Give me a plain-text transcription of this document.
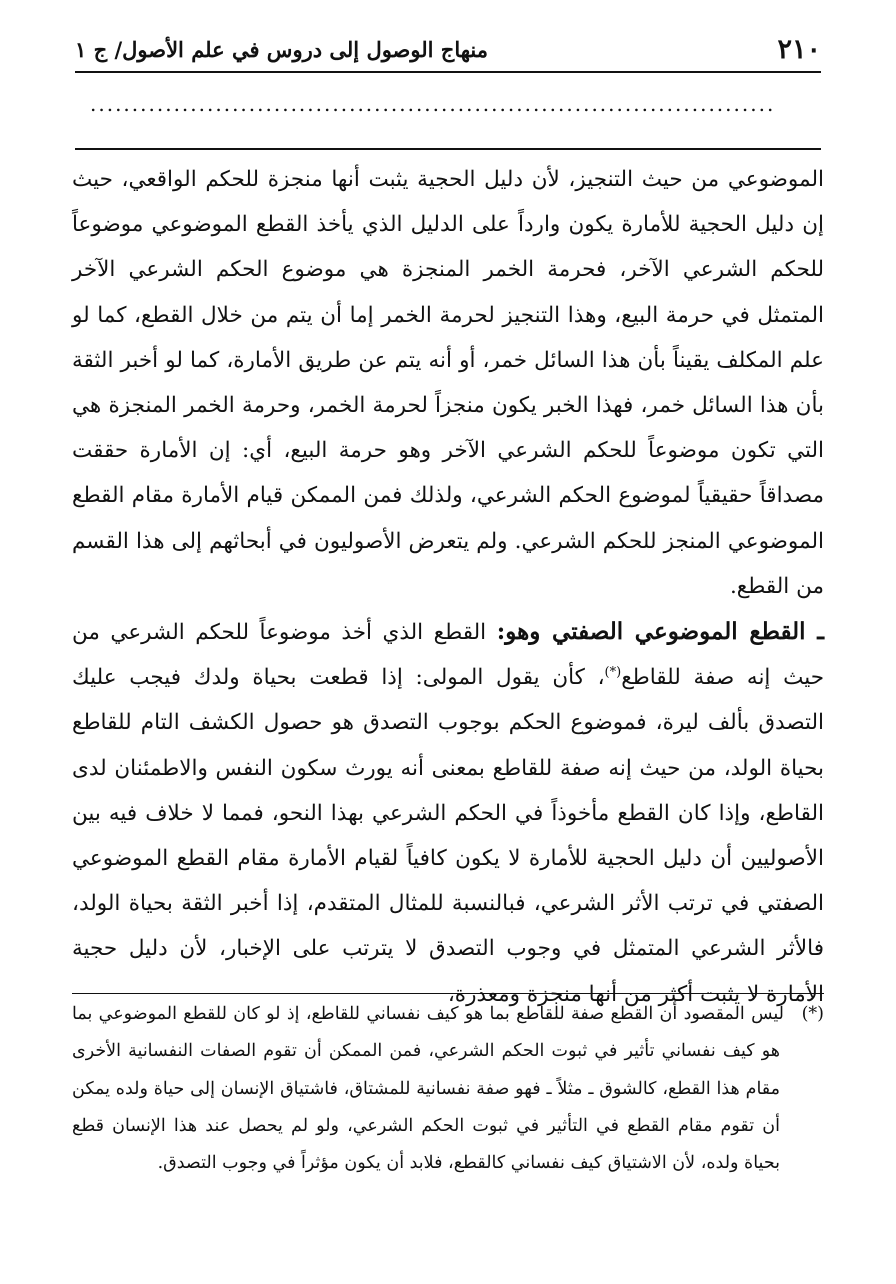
٢١٠
منهاج الوصول إلى دروس في علم الأصول/ ج ١
..................................................................................

الموضوعي من حيث التنجيز، لأن دليل الحجية يثبت أنها منجزة للحكم الواقعي، حيث إن دليل الحجية للأمارة يكون وارداً على الدليل الذي يأخذ القطع الموضوعي موضوعاً للحكم الشرعي الآخر، فحرمة الخمر المنجزة هي موضوع الحكم الشرعي الآخر المتمثل في حرمة البيع، وهذا التنجيز لحرمة الخمر إما أن يتم من خلال القطع، كما لو علم المكلف يقيناً بأن هذا السائل خمر، أو أنه يتم عن طريق الأمارة، كما لو أخبر الثقة بأن هذا السائل خمر، فهذا الخبر يكون منجزاً لحرمة الخمر، وحرمة الخمر المنجزة هي التي تكون موضوعاً للحكم الشرعي الآخر وهو حرمة البيع، أي: إن الأمارة حققت مصداقاً حقيقياً لموضوع الحكم الشرعي، ولذلك فمن الممكن قيام الأمارة مقام القطع الموضوعي المنجز للحكم الشرعي. ولم يتعرض الأصوليون في أبحاثهم إلى هذا القسم من القطع.

ـ القطع الموضوعي الصفتي وهو: القطع الذي أخذ موضوعاً للحكم الشرعي من حيث إنه صفة للقاطع(*)، كأن يقول المولى: إذا قطعت بحياة ولدك فيجب عليك التصدق بألف ليرة، فموضوع الحكم بوجوب التصدق هو حصول الكشف التام للقاطع بحياة الولد، من حيث إنه صفة للقاطع بمعنى أنه يورث سكون النفس والاطمئنان لدى القاطع، وإذا كان القطع مأخوذاً في الحكم الشرعي بهذا النحو، فمما لا خلاف فيه بين الأصوليين أن دليل الحجية للأمارة لا يكون كافياً لقيام الأمارة مقام القطع الموضوعي الصفتي في ترتب الأثر الشرعي، فبالنسبة للمثال المتقدم، إذا أخبر الثقة بحياة الولد، فالأثر الشرعي المتمثل في وجوب التصدق لا يترتب على الإخبار، لأن دليل حجية الأمارة لا يثبت أكثر من أنها منجزة ومعذرة،

(*)ليس المقصود أن القطع صفة للقاطع بما هو كيف نفساني للقاطع، إذ لو كان للقطع الموضوعي بما هو كيف نفساني تأثير في ثبوت الحكم الشرعي، فمن الممكن أن تقوم الصفات النفسانية الأخرى مقام هذا القطع، كالشوق ـ مثلاً ـ فهو صفة نفسانية للمشتاق، فاشتياق الإنسان إلى حياة ولده يمكن أن تقوم مقام القطع في التأثير في ثبوت الحكم الشرعي، ولو لم يحصل عند هذا الإنسان قطع بحياة ولده، لأن الاشتياق كيف نفساني كالقطع، فلابد أن يكون مؤثراً في وجوب التصدق.
